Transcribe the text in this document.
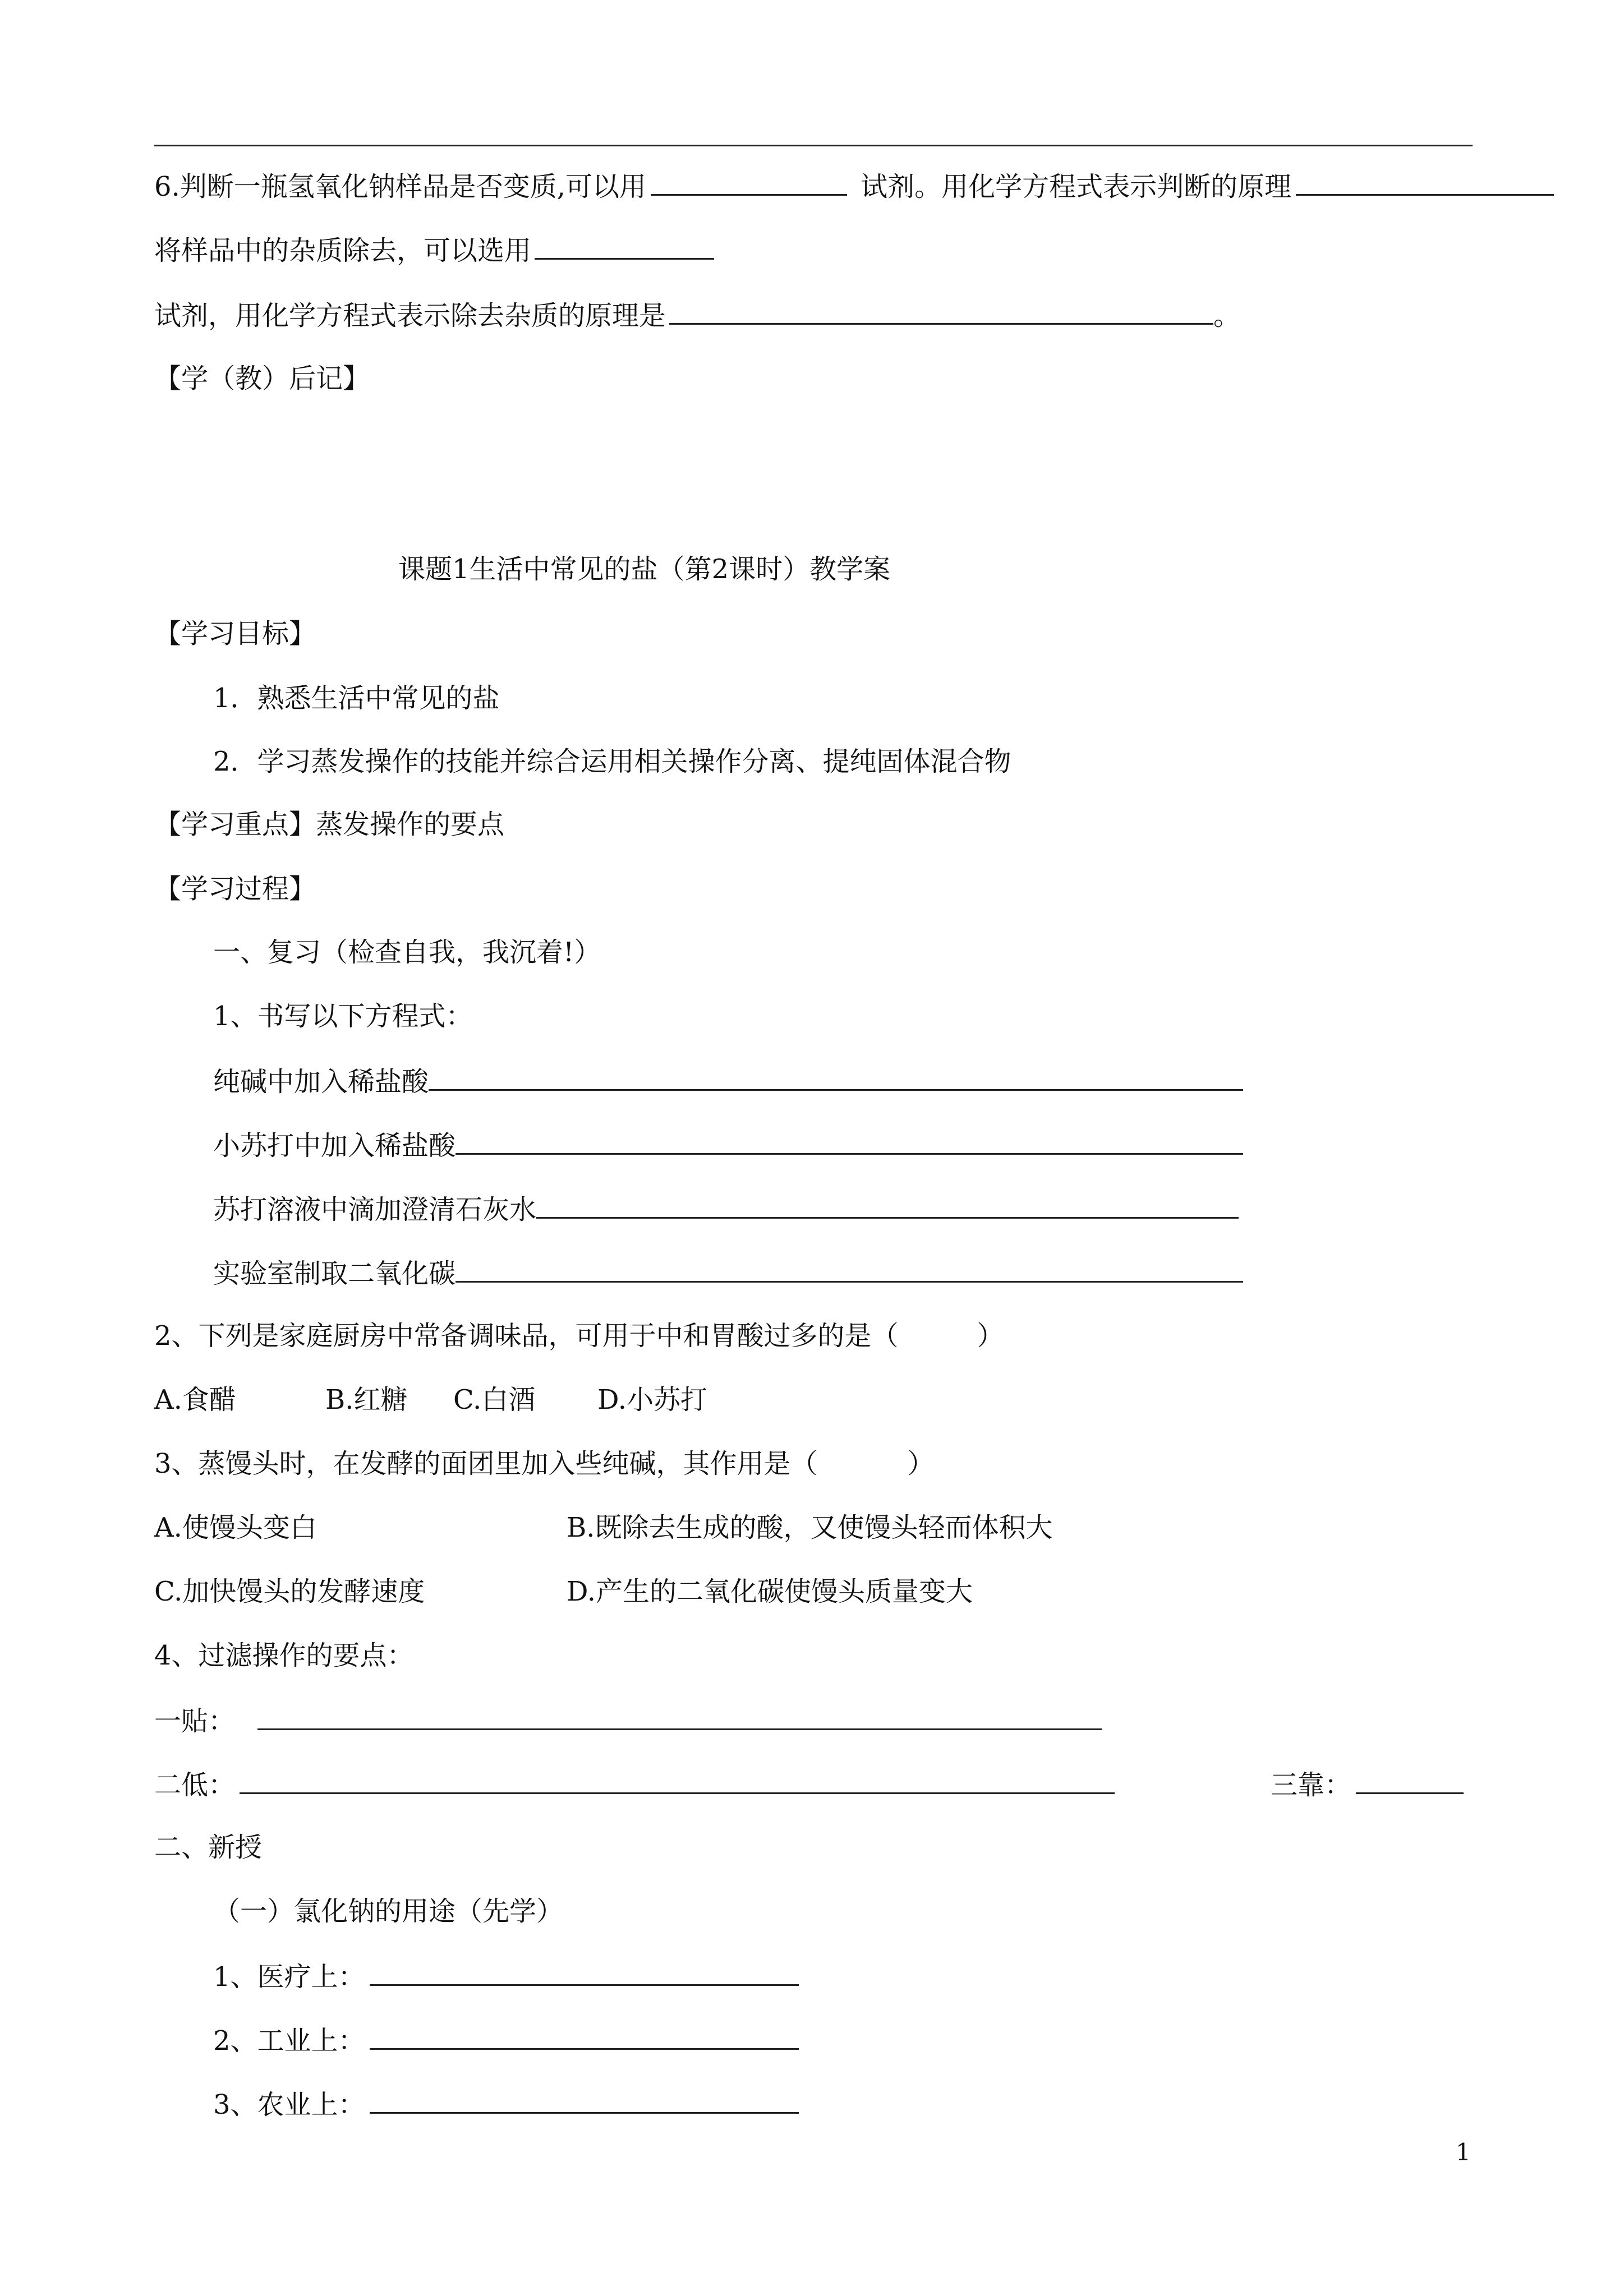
6.判断一瓶氢氧化钠样品是否变质,可以用	试剂。用化学方程式表示判断的原理
将样品中的杂质除去，可以选用
试剂，用化学方程式表示除去杂质的原理是	。
【学（教）后记】
课题1生活中常见的盐（第2课时）教学案
【学习目标】
1．熟悉生活中常见的盐
2．学习蒸发操作的技能并综合运用相关操作分离、提纯固体混合物
【学习重点】蒸发操作的要点
【学习过程】
一、复习（检查自我，我沉着!）
1、书写以下方程式：
纯碱中加入稀盐酸
小苏打中加入稀盐酸
苏打溶液中滴加澄清石灰水
实验室制取二氧化碳
2、下列是家庭厨房中常备调味品，可用于中和胃酸过多的是（	）
A.食醋	B.红糖 C.白酒 D.小苏打
3、蒸馒头时，在发酵的面团里加入些纯碱，其作用是（	）
A.使馒头变白	B.既除去生成的酸，又使馒头轻而体积大
C.加快馒头的发酵速度	D.产生的二氧化碳使馒头质量变大
4、过滤操作的要点：
一贴：
二低：	三靠：
二、新授
（一）氯化钠的用途（先学）
1、医疗上：
2、工业上：
3、农业上：
1
